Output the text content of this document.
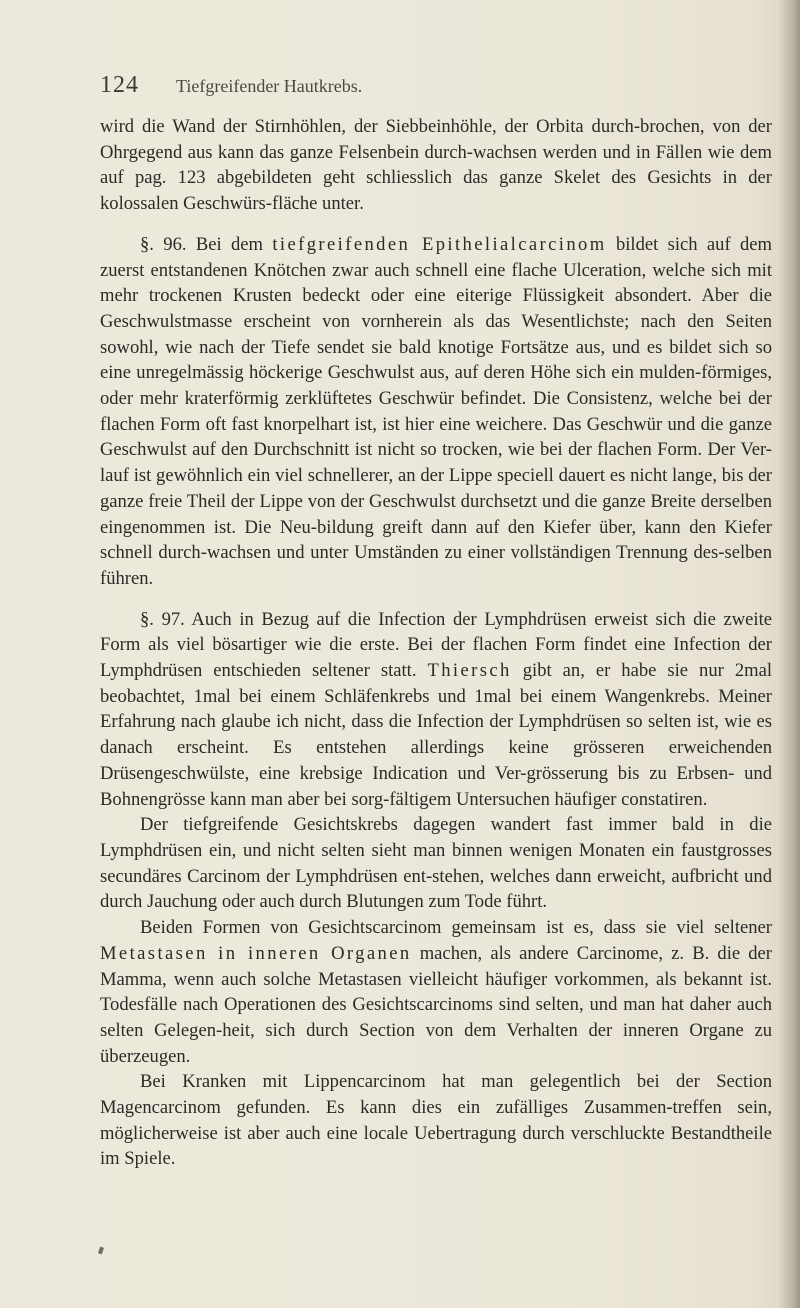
124 Tiefgreifender Hautkrebs.

wird die Wand der Stirnhöhlen, der Siebbeinhöhle, der Orbita durch-brochen, von der Ohrgegend aus kann das ganze Felsenbein durch-wachsen werden und in Fällen wie dem auf pag. 123 abgebildeten geht schliesslich das ganze Skelet des Gesichts in der kolossalen Geschwürs-fläche unter.

§. 96. Bei dem tiefgreifenden Epithelialcarcinom bildet sich auf dem zuerst entstandenen Knötchen zwar auch schnell eine flache Ulceration, welche sich mit mehr trockenen Krusten bedeckt oder eine eiterige Flüssigkeit absondert. Aber die Geschwulstmasse erscheint von vornherein als das Wesentlichste; nach den Seiten sowohl, wie nach der Tiefe sendet sie bald knotige Fortsätze aus, und es bildet sich so eine unregelmässig höckerige Geschwulst aus, auf deren Höhe sich ein mulden-förmiges, oder mehr kraterförmig zerklüftetes Geschwür befindet. Die Consistenz, welche bei der flachen Form oft fast knorpelhart ist, ist hier eine weichere. Das Geschwür und die ganze Geschwulst auf den Durchschnitt ist nicht so trocken, wie bei der flachen Form. Der Ver-lauf ist gewöhnlich ein viel schnellerer, an der Lippe speciell dauert es nicht lange, bis der ganze freie Theil der Lippe von der Geschwulst durchsetzt und die ganze Breite derselben eingenommen ist. Die Neu-bildung greift dann auf den Kiefer über, kann den Kiefer schnell durch-wachsen und unter Umständen zu einer vollständigen Trennung des-selben führen.

§. 97. Auch in Bezug auf die Infection der Lymphdrüsen erweist sich die zweite Form als viel bösartiger wie die erste. Bei der flachen Form findet eine Infection der Lymphdrüsen entschieden seltener statt. Thiersch gibt an, er habe sie nur 2mal beobachtet, 1mal bei einem Schläfenkrebs und 1mal bei einem Wangenkrebs. Meiner Erfahrung nach glaube ich nicht, dass die Infection der Lymphdrüsen so selten ist, wie es danach erscheint. Es entstehen allerdings keine grösseren erweichenden Drüsengeschwülste, eine krebsige Indication und Ver-grösserung bis zu Erbsen- und Bohnengrösse kann man aber bei sorg-fältigem Untersuchen häufiger constatiren.

Der tiefgreifende Gesichtskrebs dagegen wandert fast immer bald in die Lymphdrüsen ein, und nicht selten sieht man binnen wenigen Monaten ein faustgrosses secundäres Carcinom der Lymphdrüsen ent-stehen, welches dann erweicht, aufbricht und durch Jauchung oder auch durch Blutungen zum Tode führt.

Beiden Formen von Gesichtscarcinom gemeinsam ist es, dass sie viel seltener Metastasen in inneren Organen machen, als andere Carcinome, z. B. die der Mamma, wenn auch solche Metastasen vielleicht häufiger vorkommen, als bekannt ist. Todesfälle nach Operationen des Gesichtscarcinoms sind selten, und man hat daher auch selten Gelegen-heit, sich durch Section von dem Verhalten der inneren Organe zu überzeugen.

Bei Kranken mit Lippencarcinom hat man gelegentlich bei der Section Magencarcinom gefunden. Es kann dies ein zufälliges Zusammen-treffen sein, möglicherweise ist aber auch eine locale Uebertragung durch verschluckte Bestandtheile im Spiele.
